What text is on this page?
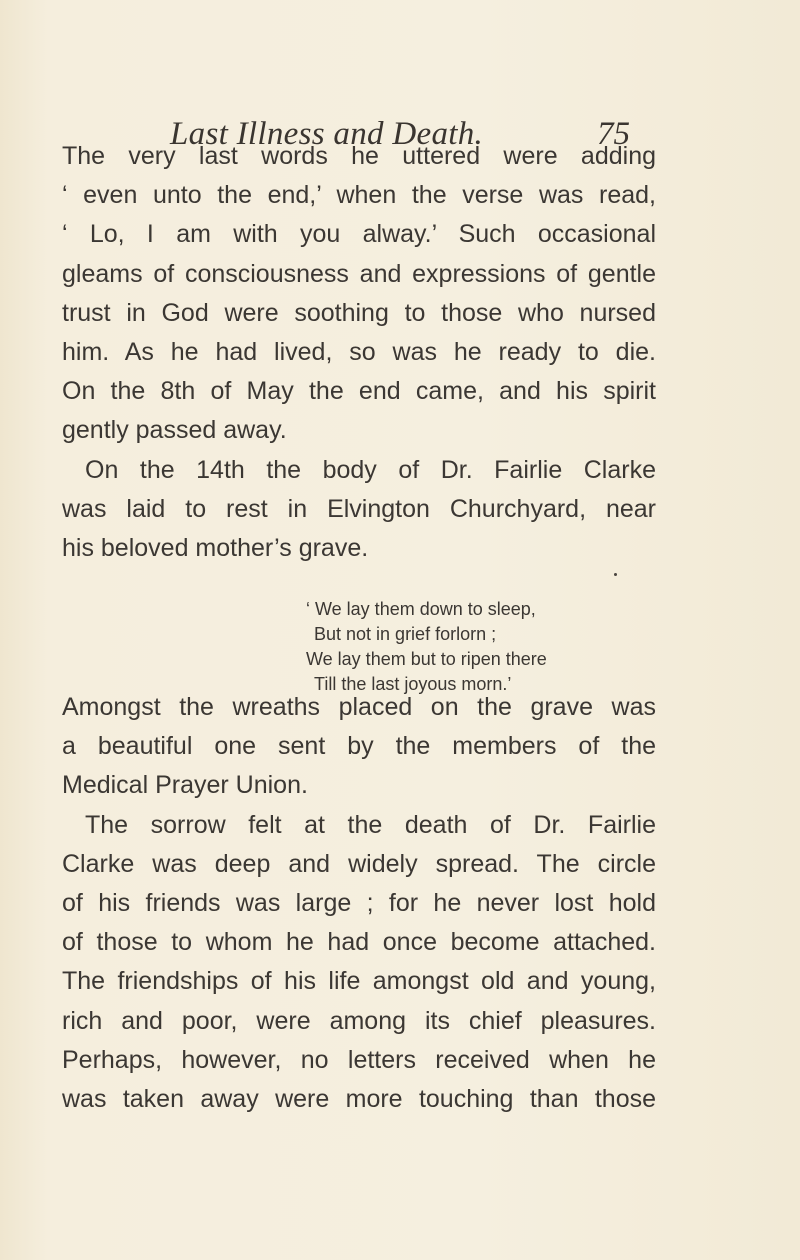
Last Illness and Death.	75
The very last words he uttered were adding
‘ even unto the end,’ when the verse was read,
‘ Lo, I am with you alway.’ Such occasional
gleams of consciousness and expressions of gentle
trust in God were soothing to those who nursed
him. As he had lived, so was he ready to die.
On the 8th of May the end came, and his spirit
gently passed away.
On the 14th the body of Dr. Fairlie Clarke
was laid to rest in Elvington Churchyard, near
his beloved mother’s grave.
‘ We lay them down to sleep,
But not in grief forlorn ;
We lay them but to ripen there
Till the last joyous morn.’
Amongst the wreaths placed on the grave was
a beautiful one sent by the members of the
Medical Prayer Union.
The sorrow felt at the death of Dr. Fairlie
Clarke was deep and widely spread. The circle
of his friends was large ; for he never lost hold
of those to whom he had once become attached.
The friendships of his life amongst old and young,
rich and poor, were among its chief pleasures.
Perhaps, however, no letters received when he
was taken away were more touching than those
